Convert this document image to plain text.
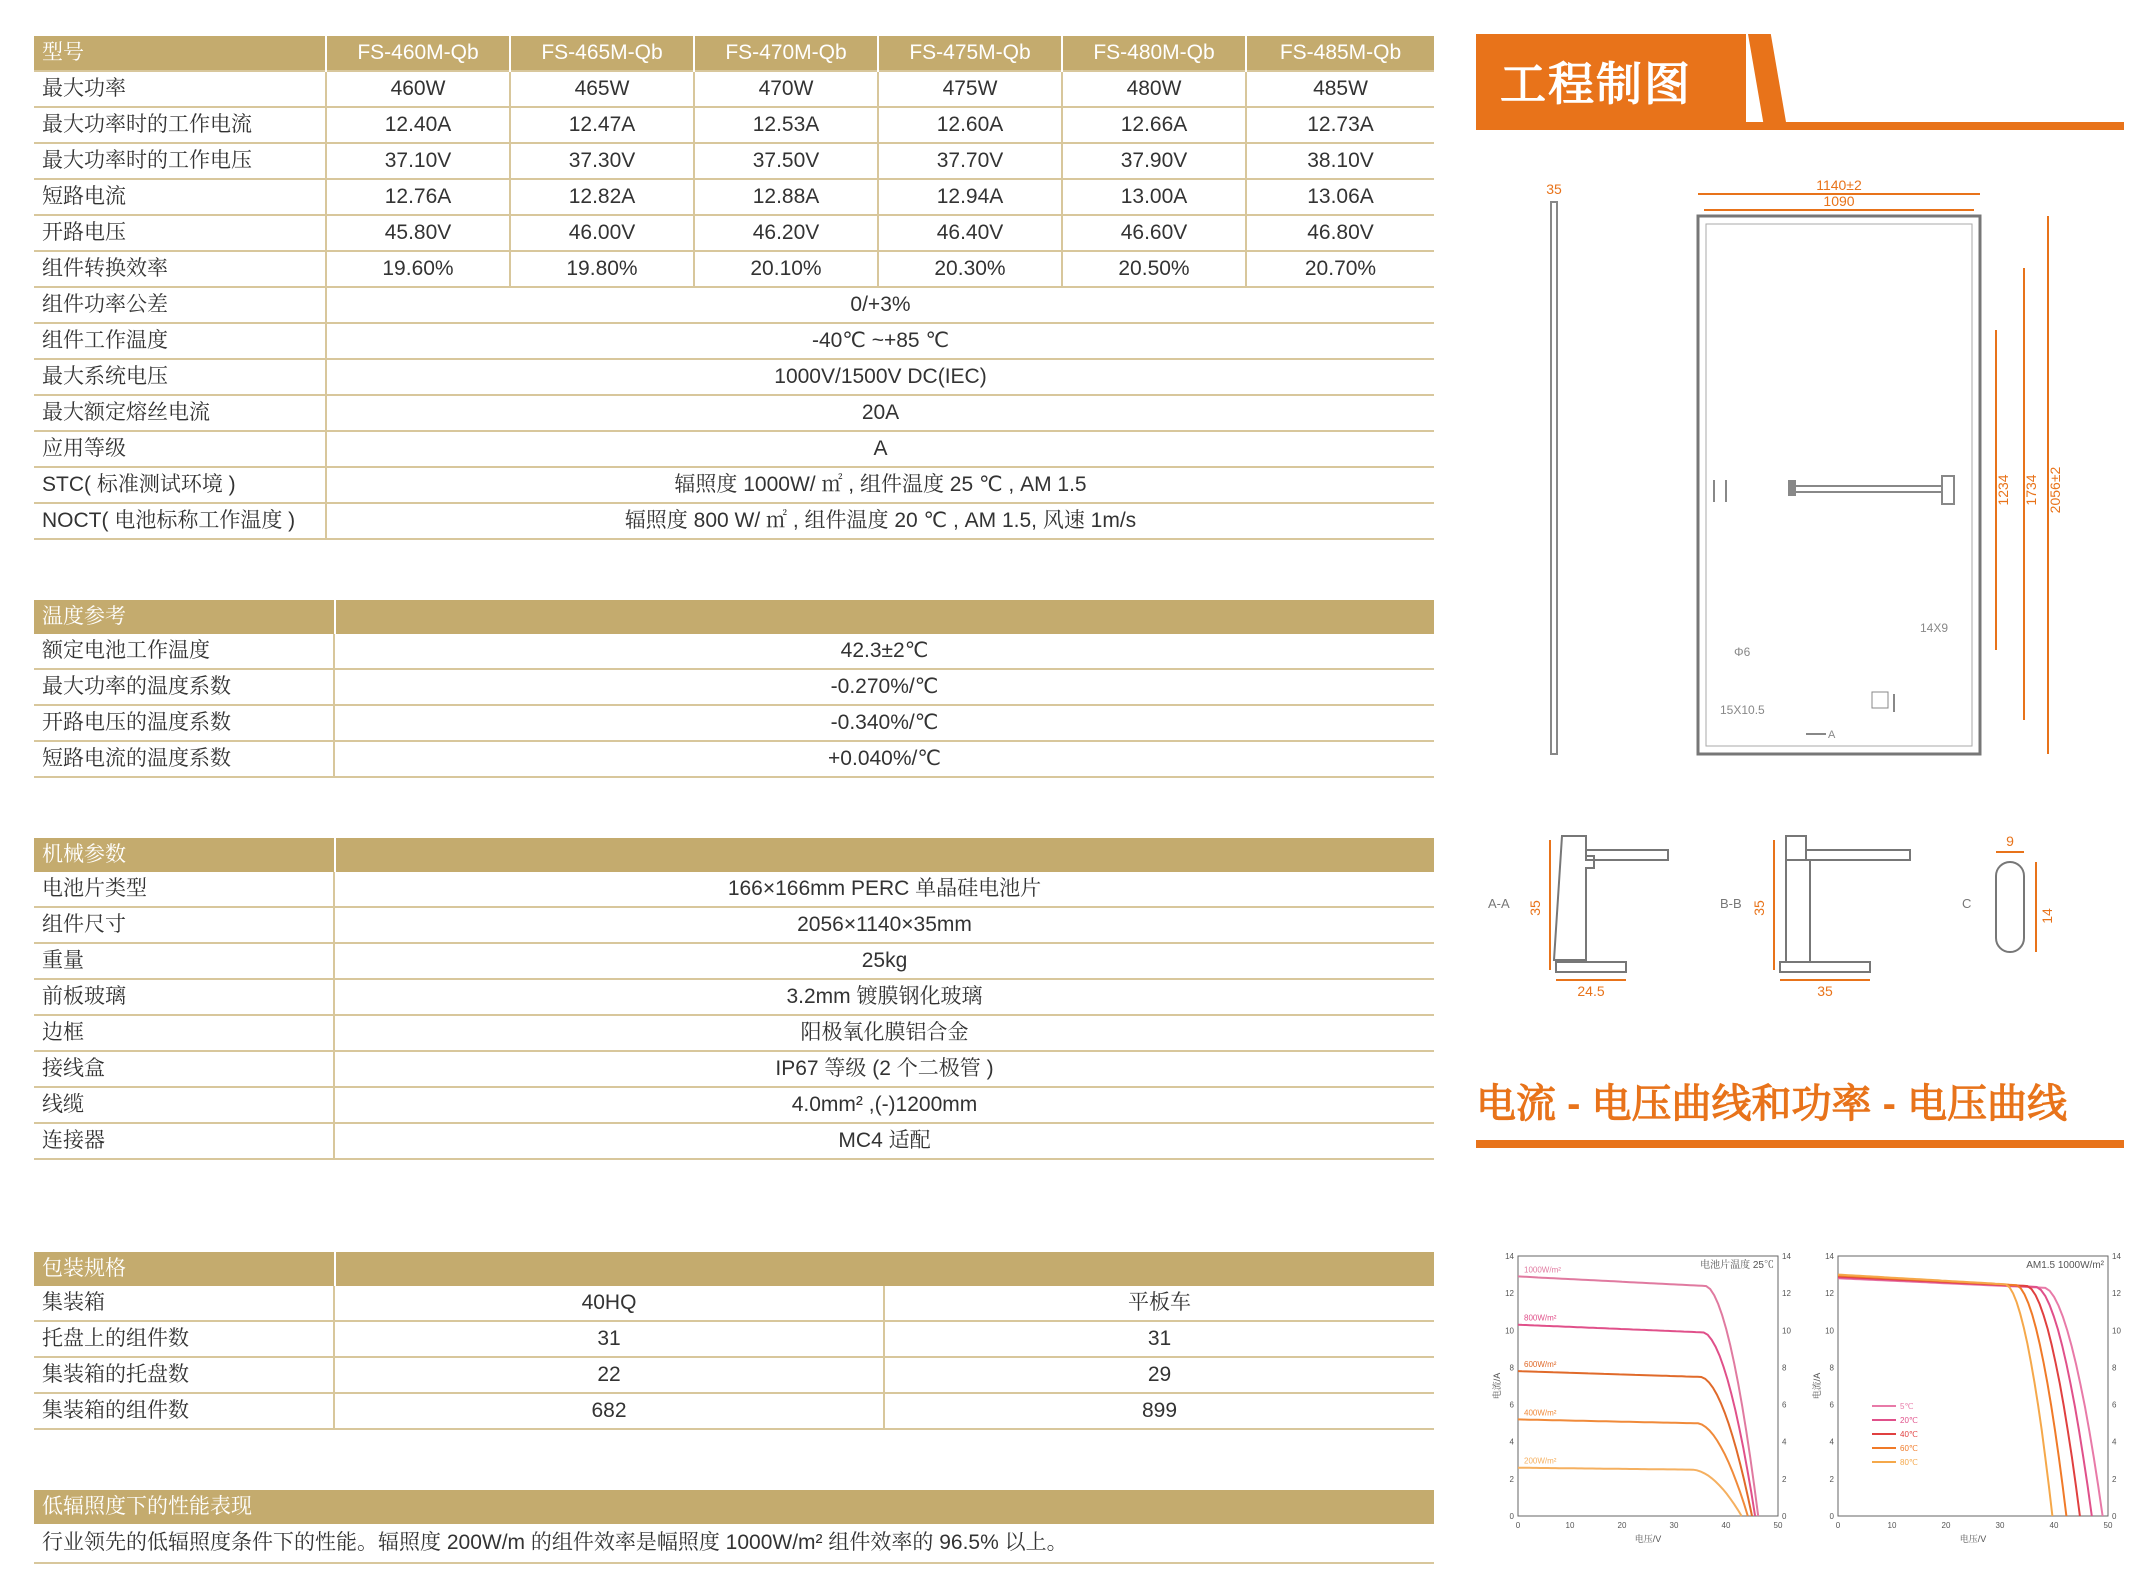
型号	FS-460M-Qb	FS-465M-Qb	FS-470M-Qb	FS-475M-Qb	FS-480M-Qb	FS-485M-Qb
最大功率	460W	465W	470W	475W	480W	485W
最大功率时的工作电流	12.40A	12.47A	12.53A	12.60A	12.66A	12.73A
最大功率时的工作电压	37.10V	37.30V	37.50V	37.70V	37.90V	38.10V
短路电流	12.76A	12.82A	12.88A	12.94A	13.00A	13.06A
开路电压	45.80V	46.00V	46.20V	46.40V	46.60V	46.80V
组件转换效率	19.60%	19.80%	20.10%	20.30%	20.50%	20.70%
组件功率公差	0/+3%					
组件工作温度	-40℃ ~+85 ℃					
最大系统电压	1000V/1500V DC(IEC)					
最大额定熔丝电流	20A					
应用等级	A					
STC( 标准测试环境 )	辐照度 1000W/ ㎡ , 组件温度 25 ℃ , AM 1.5					
NOCT( 电池标称工作温度 )	辐照度 800 W/ ㎡ , 组件温度 20 ℃ , AM 1.5, 风速 1m/s					
温度参考
额定电池工作温度	42.3±2℃
最大功率的温度系数	-0.270%/℃
开路电压的温度系数	-0.340%/℃
短路电流的温度系数	+0.040%/℃
机械参数
电池片类型	166×166mm PERC 单晶硅电池片
组件尺寸	2056×1140×35mm
重量	25kg
前板玻璃	3.2mm 镀膜钢化玻璃
边框	阳极氧化膜铝合金
接线盒	IP67 等级 (2 个二极管 )
线缆	4.0mm² ,(-)1200mm
连接器	MC4 适配
包装规格
集装箱	40HQ	平板车
托盘上的组件数	31	31
集装箱的托盘数	22	29
集装箱的组件数	682	899
低辐照度下的性能表现
行业领先的低辐照度条件下的性能。辐照度 200W/m 的组件效率是幅照度 1000W/m² 组件效率的 96.5% 以上。
工程制图
35	1140±2
1090
1234 1734 2056±2
14X9
Φ6
15X10.5
A
A-A 35
24.5
B-B 35
35
C
9
14
电流 - 电压曲线和功率 - 电压曲线
电池片温度 25℃
0	10	20	30	40	50
0	0
2	2
4	4
6	6
8	8
10	10
12	12
14	14
电压/V
电流/A
1000W/m²
800W/m²
600W/m²
400W/m²
200W/m²
AM1.5 1000W/m²
0	10	20	30	40	50
0	0
2	2
4	4
6	6
8	8
10	10
12	12
14	14
电压/V
电流/A
5℃
20℃
40℃
60℃
80℃
